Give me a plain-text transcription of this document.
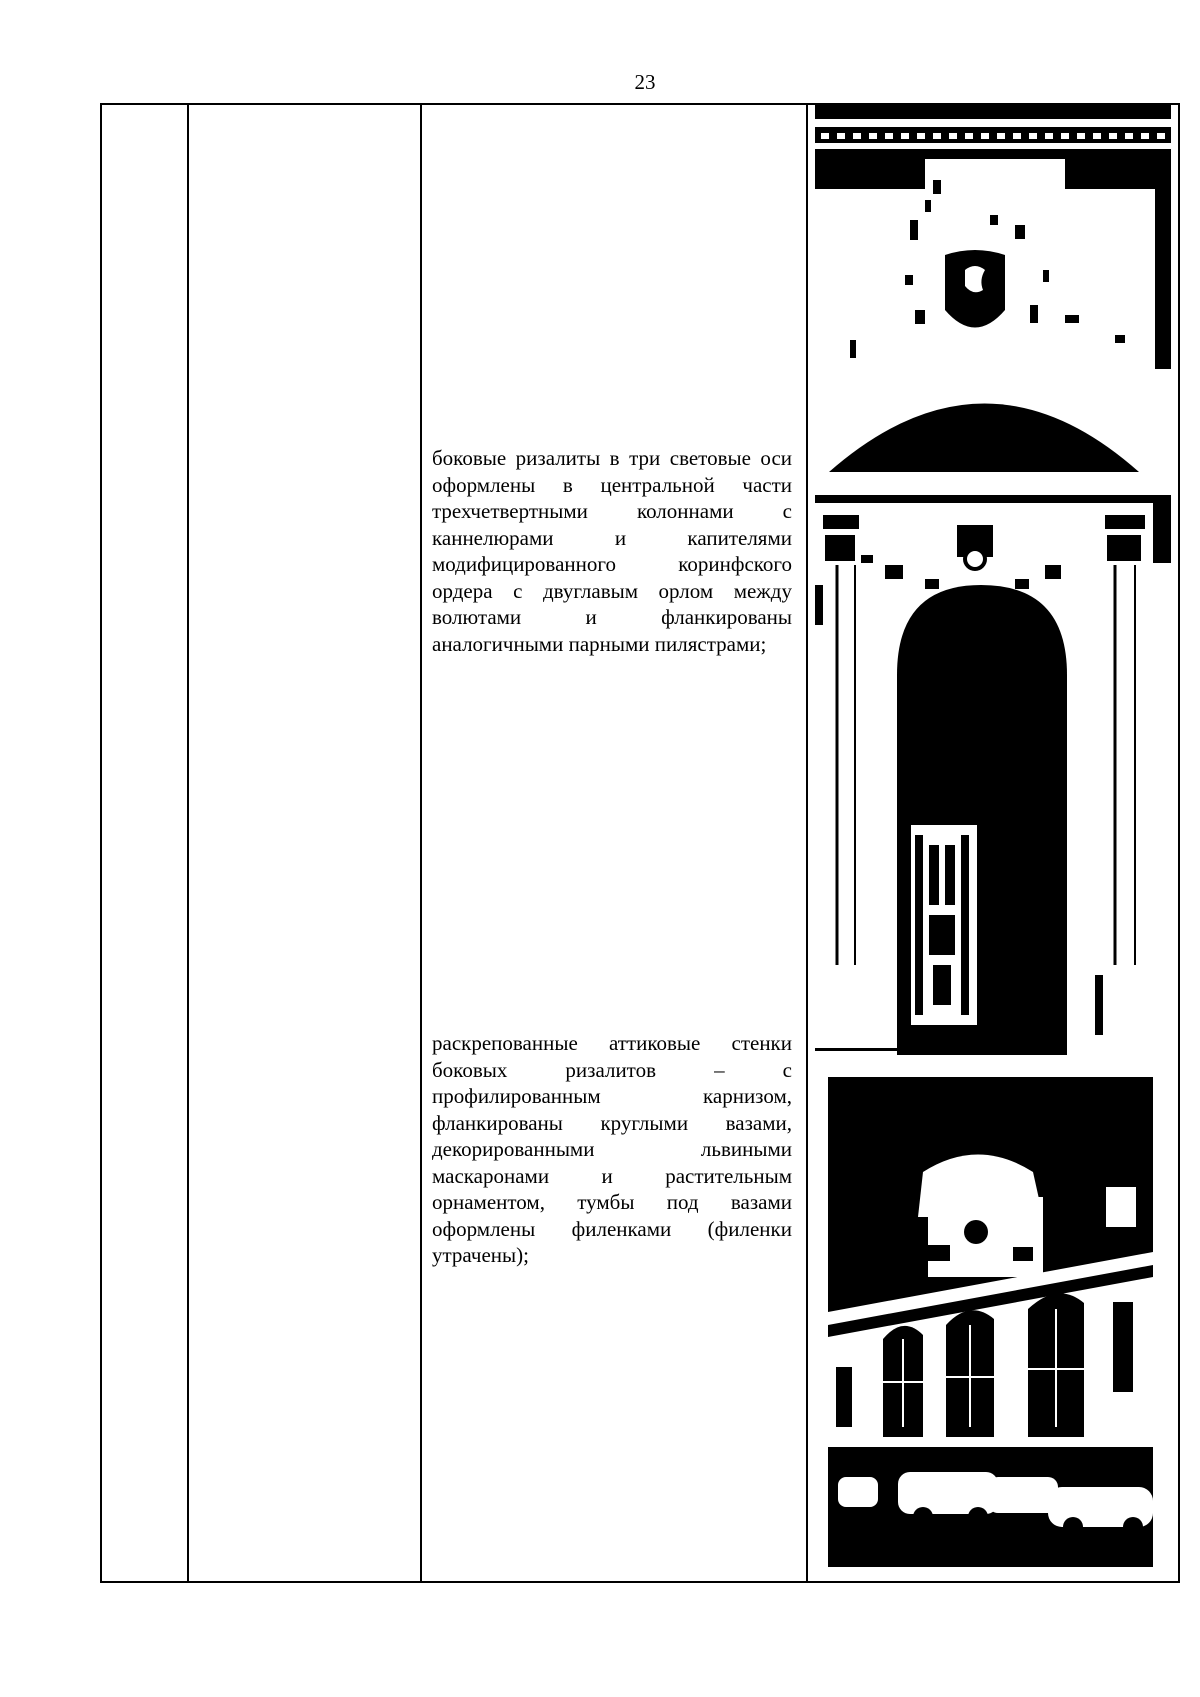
23

боковые ризалиты в три световые оси оформлены в центральной части трехчетвертными колоннами с каннелюрами и капителями модифицированного коринфского ордера с двуглавым орлом между волютами и фланкированы аналогичными парными пилястрами;

раскрепованные аттиковые стенки боковых ризалитов – с профилированным карнизом, фланкированы круглыми вазами, декорированными львиными маскаронами и растительным орнаментом, тумбы под вазами оформлены филенками (филенки утрачены);
